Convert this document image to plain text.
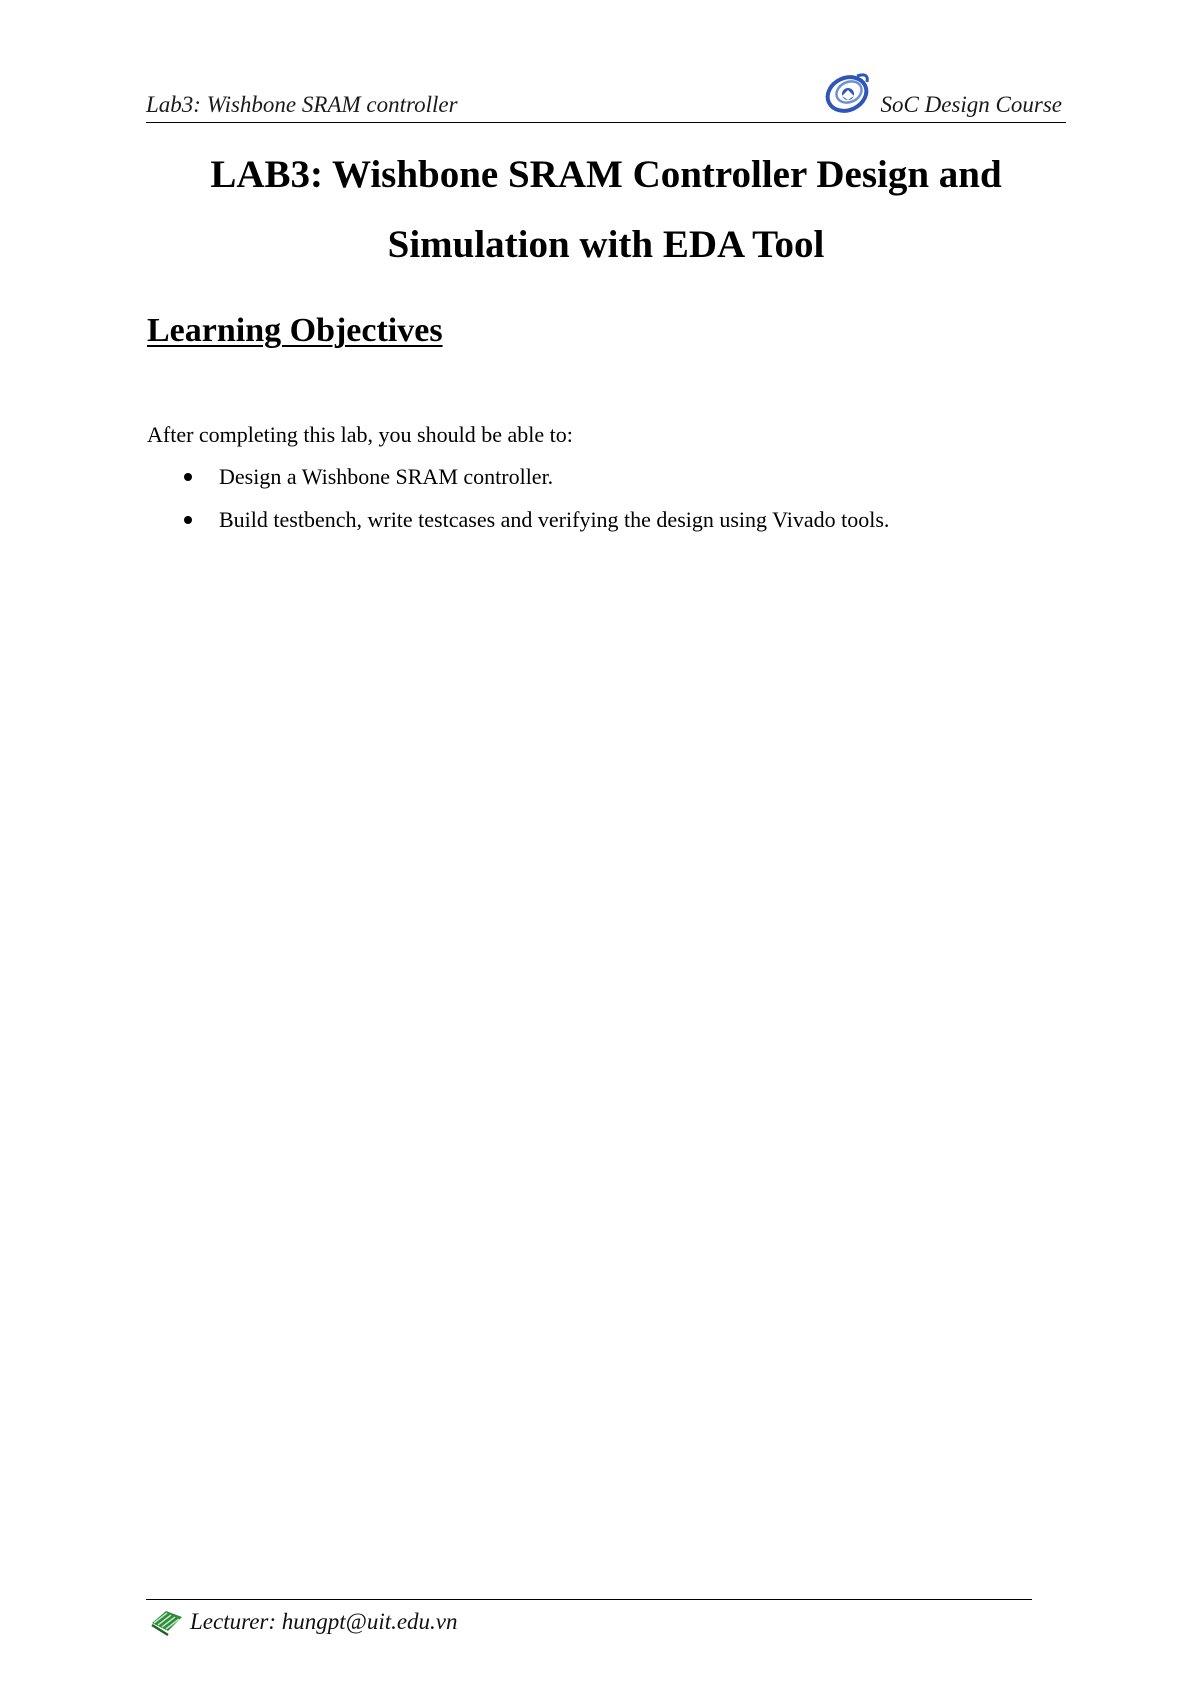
Lab3: Wishbone SRAM controller	SoC Design Course
LAB3: Wishbone SRAM Controller Design and
Simulation with EDA Tool
Learning Objectives

After completing this lab, you should be able to:

Design a Wishbone SRAM controller.
Build testbench, write testcases and verifying the design using Vivado tools.
Lecturer: hungpt@uit.edu.vn
